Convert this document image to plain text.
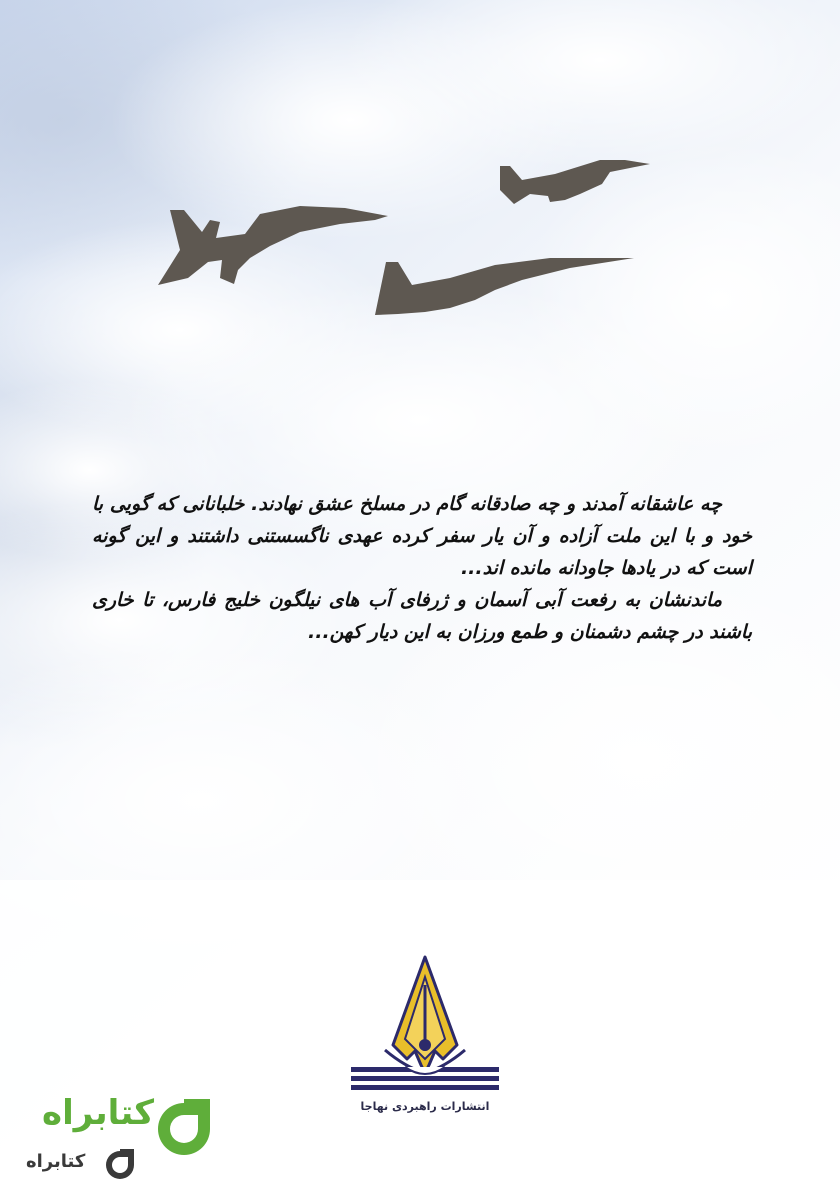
چه عاشقانه آمدند و چه صادقانه گام در مسلخ عشق نهادند. خلبانانی که گویی با خود و با این ملت آزاده و آن یار سفر کرده عهدی ناگسستنی داشتند و این گونه است که در یادها جاودانه مانده اند...

ماندنشان به رفعت آبی آسمان و ژرفای آب های نیلگون خلیج فارس، تا خاری باشند در چشم دشمنان و طمع ورزان به این دیار کهن...

انتشارات راهبردی نهاجا
کتابراه
کتابراه
